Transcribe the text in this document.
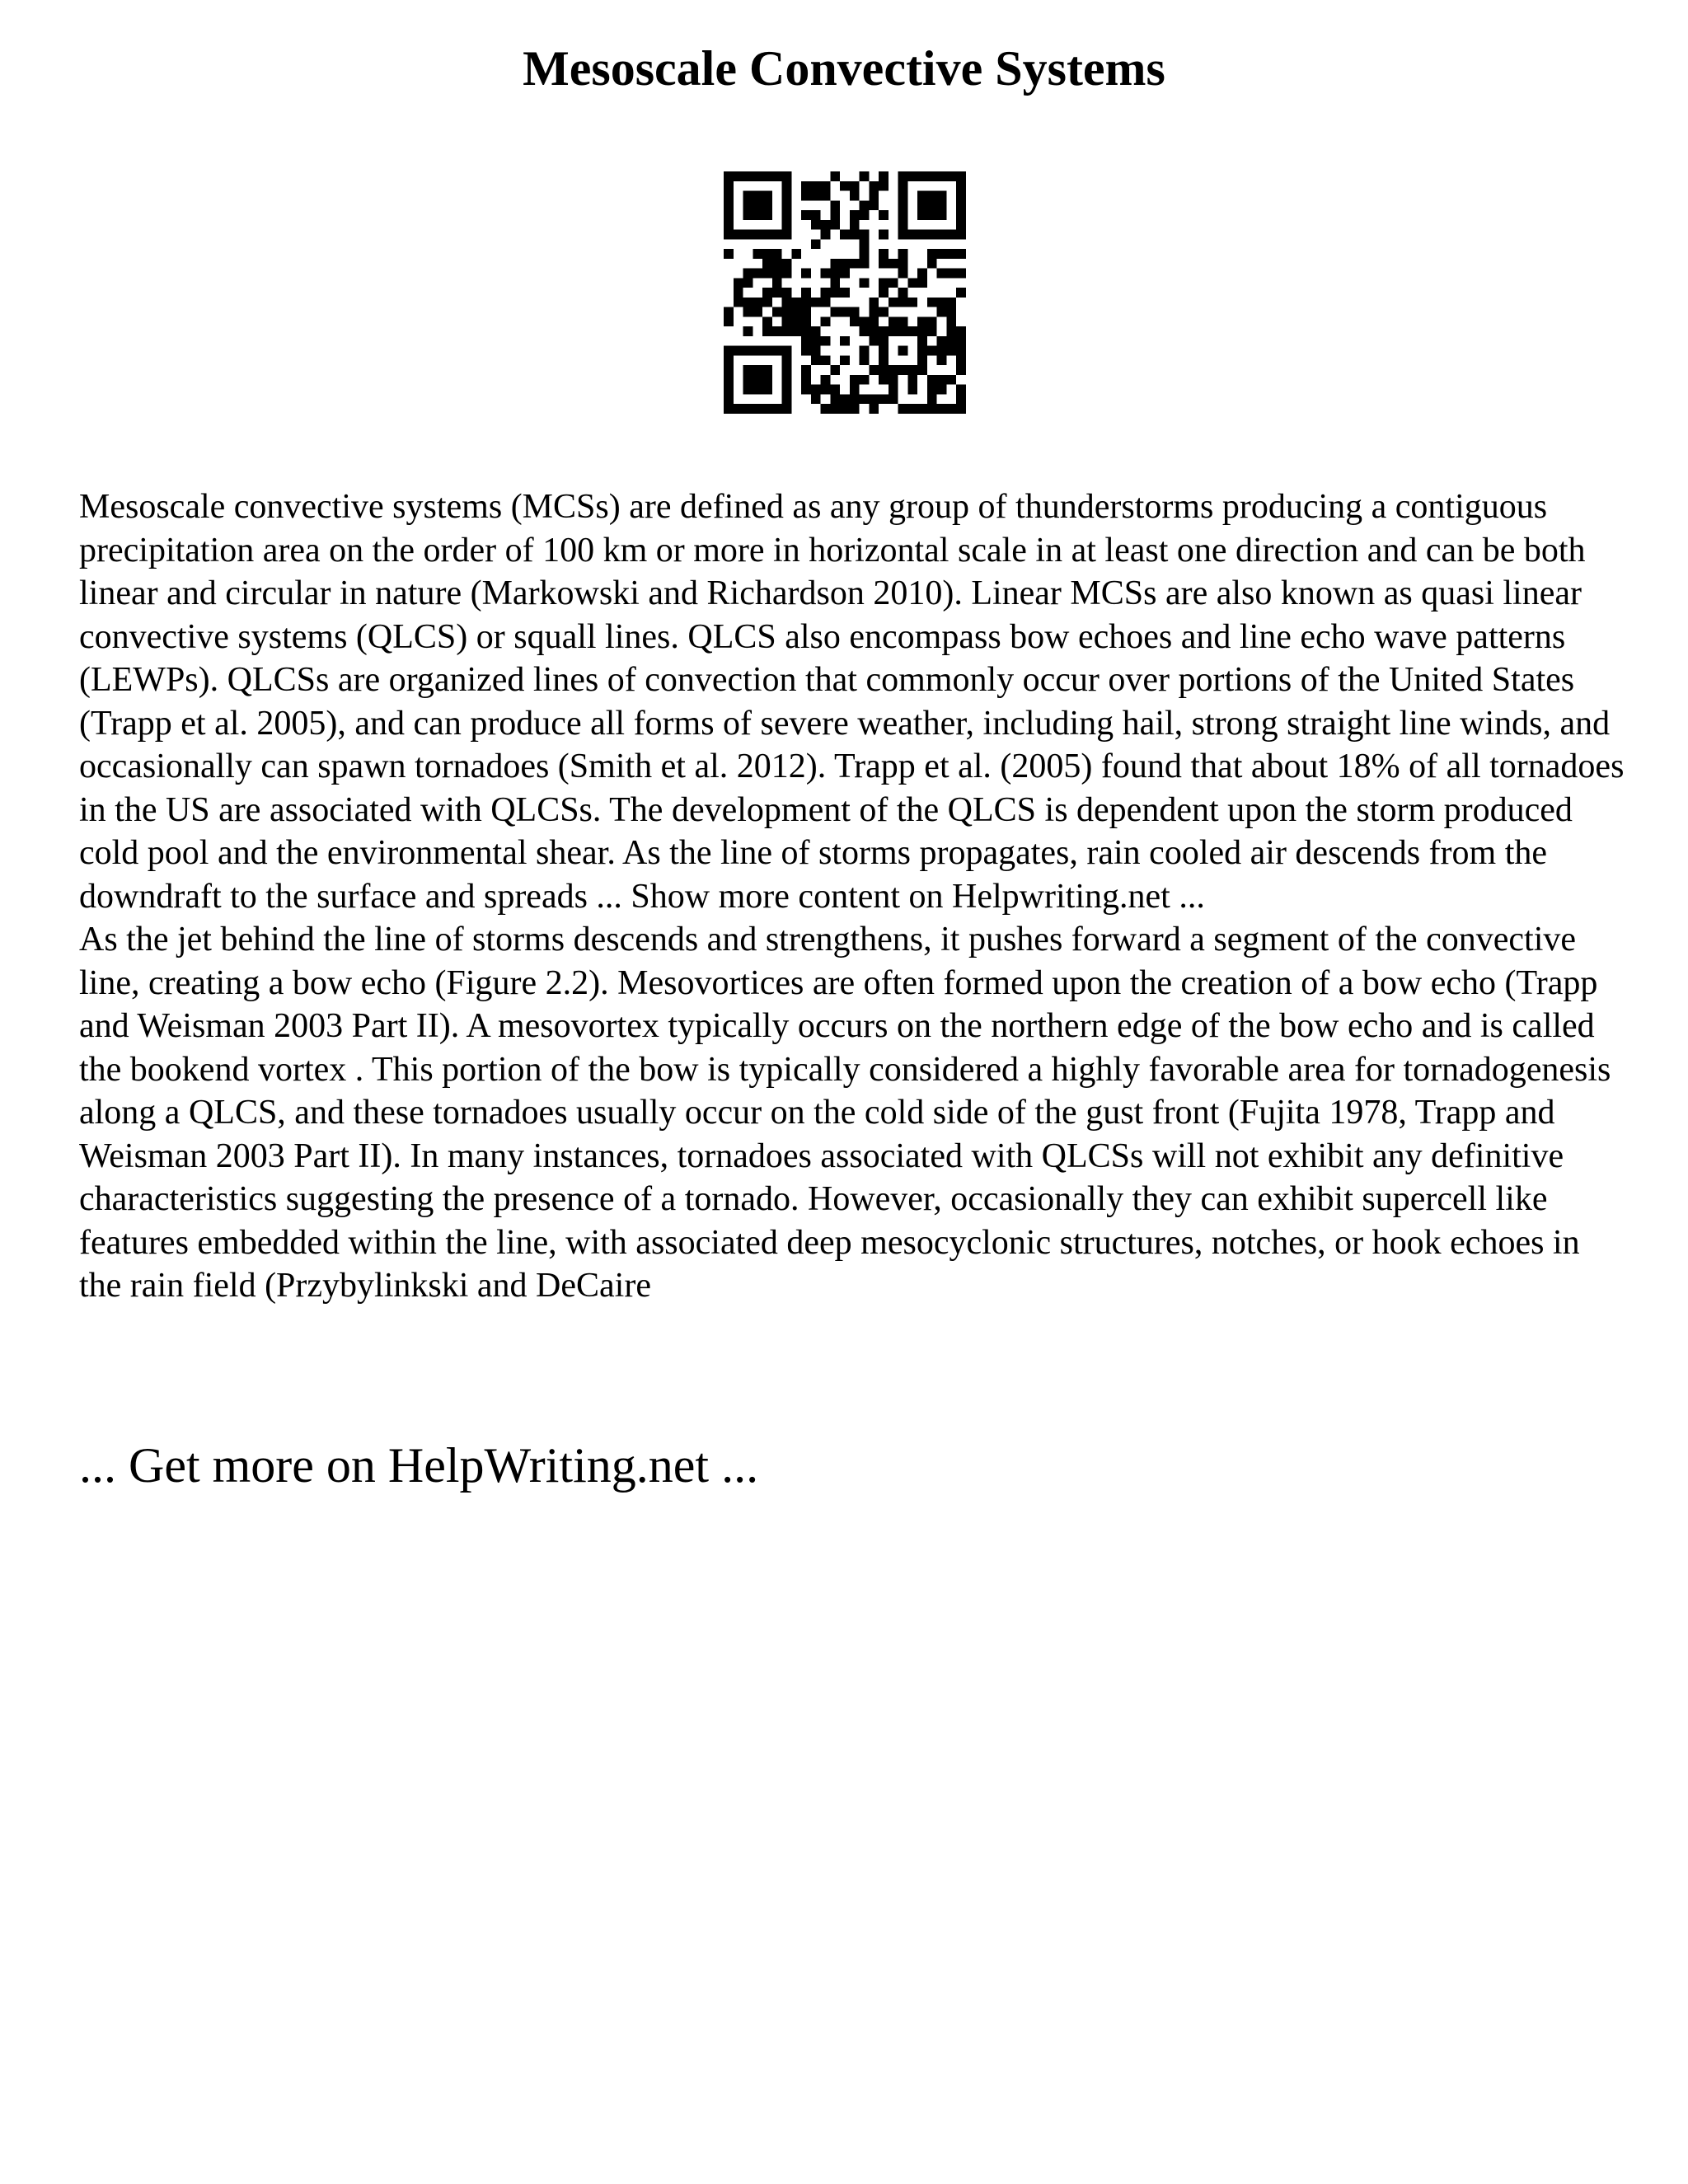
Mesoscale Convective Systems

Mesoscale convective systems (MCSs) are defined as any group of thunderstorms producing a contiguous precipitation area on the order of 100 km or more in horizontal scale in at least one direction and can be both linear and circular in nature (Markowski and Richardson 2010). Linear MCSs are also known as quasi linear convective systems (QLCS) or squall lines. QLCS also encompass bow echoes and line echo wave patterns (LEWPs). QLCSs are organized lines of convection that commonly occur over portions of the United States (Trapp et al. 2005), and can produce all forms of severe weather, including hail, strong straight line winds, and occasionally can spawn tornadoes (Smith et al. 2012). Trapp et al. (2005) found that about 18% of all tornadoes in the US are associated with QLCSs. The development of the QLCS is dependent upon the storm produced cold pool and the environmental shear. As the line of storms propagates, rain cooled air descends from the downdraft to the surface and spreads ... Show more content on Helpwriting.net ...

As the jet behind the line of storms descends and strengthens, it pushes forward a segment of the convective line, creating a bow echo (Figure 2.2). Mesovortices are often formed upon the creation of a bow echo (Trapp and Weisman 2003 Part II). A mesovortex typically occurs on the northern edge of the bow echo and is called the bookend vortex . This portion of the bow is typically considered a highly favorable area for tornadogenesis along a QLCS, and these tornadoes usually occur on the cold side of the gust front (Fujita 1978, Trapp and Weisman 2003 Part II). In many instances, tornadoes associated with QLCSs will not exhibit any definitive characteristics suggesting the presence of a tornado. However, occasionally they can exhibit supercell like features embedded within the line, with associated deep mesocyclonic structures, notches, or hook echoes in the rain field (Przybylinkski and DeCaire

... Get more on HelpWriting.net ...
